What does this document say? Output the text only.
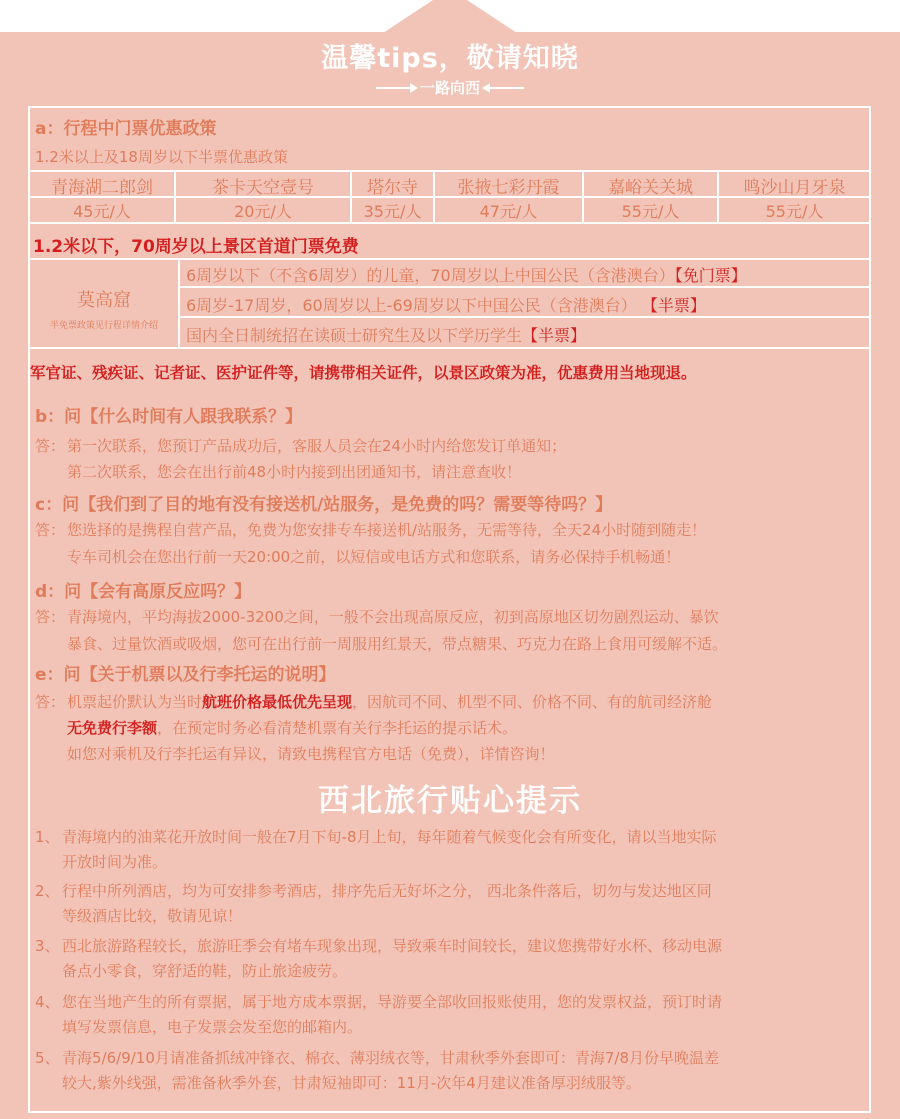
温馨tips，敬请知晓
一路向西
a：行程中门票优惠政策
1.2米以上及18周岁以下半票优惠政策
青海湖二郎剑	茶卡天空壹号	塔尔寺	张掖七彩丹霞	嘉峪关关城	鸣沙山月牙泉
45元/人	20元/人	35元/人	47元/人	55元/人	55元/人
1.2米以下，70周岁以上景区首道门票免费
莫高窟
半免票政策见行程详情介绍
6周岁以下（不含6周岁）的儿童，70周岁以上中国公民（含港澳台）【免门票】
6周岁-17周岁，60周岁以上-69周岁以下中国公民（含港澳台） 【半票】
国内全日制统招在读硕士研究生及以下学历学生【半票】
军官证、残疾证、记者证、医护证件等，请携带相关证件，以景区政策为准，优惠费用当地现退。
b：问【什么时间有人跟我联系？】
答： 第一次联系，您预订产品成功后，客服人员会在24小时内给您发订单通知；
第二次联系，您会在出行前48小时内接到出团通知书，请注意查收！
c：问【我们到了目的地有没有接送机/站服务，是免费的吗？需要等待吗？】
答： 您选择的是携程自营产品，免费为您安排专车接送机/站服务，无需等待，全天24小时随到随走！
专车司机会在您出行前一天20:00之前，以短信或电话方式和您联系，请务必保持手机畅通！
d：问【会有高原反应吗？】
答： 青海境内，平均海拔2000-3200之间，一般不会出现高原反应，初到高原地区切勿剧烈运动、暴饮
暴食、过量饮酒或吸烟，您可在出行前一周服用红景天，带点糖果、巧克力在路上食用可缓解不适。
e：问【关于机票以及行李托运的说明】
答： 机票起价默认为当时航班价格最低优先呈现，因航司不同、机型不同、价格不同、有的航司经济舱
无免费行李额，在预定时务必看清楚机票有关行李托运的提示话术。
如您对乘机及行李托运有异议，请致电携程官方电话（免费），详情咨询！
西北旅行贴心提示
1、 青海境内的油菜花开放时间一般在7月下旬-8月上旬，每年随着气候变化会有所变化，请以当地实际
开放时间为准。
2、 行程中所列酒店，均为可安排参考酒店，排序先后无好坏之分， 西北条件落后，切勿与发达地区同
等级酒店比较，敬请见谅！
3、 西北旅游路程较长，旅游旺季会有堵车现象出现，导致乘车时间较长，建议您携带好水杯、移动电源
备点小零食，穿舒适的鞋，防止旅途疲劳。
4、 您在当地产生的所有票据，属于地方成本票据，导游要全部收回报账使用，您的发票权益，预订时请
填写发票信息，电子发票会发至您的邮箱内。
5、 青海5/6/9/10月请准备抓绒冲锋衣、棉衣、薄羽绒衣等，甘肃秋季外套即可：青海7/8月份早晚温差
较大,紫外线强，需准备秋季外套，甘肃短袖即可：11月-次年4月建议准备厚羽绒服等。
